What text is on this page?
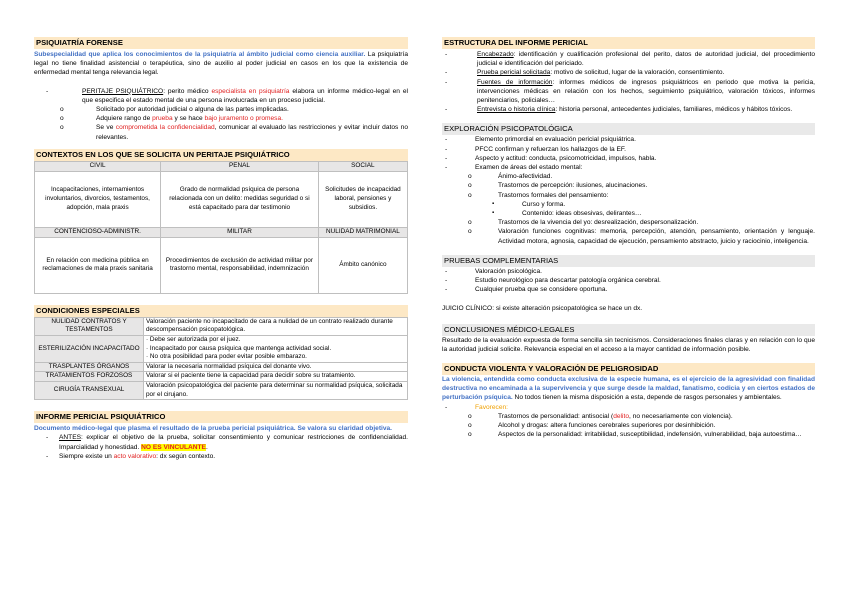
PSIQUIATRÍA FORENSE
Subespecialidad que aplica los conocimientos de la psiquiatría al ámbito judicial como ciencia auxiliar. La psiquiatría legal no tiene finalidad asistencial o terapéutica, sino de auxilio al poder judicial en casos en los que la existencia de enfermedad mental tenga relevancia legal.
- PERITAJE PSIQUIÁTRICO: perito médico especialista en psiquiatría elabora un informe médico-legal en el que especifica el estado mental de una persona involucrada en un proceso judicial.
o Solicitado por autoridad judicial o alguna de las partes implicadas.
o Adquiere rango de prueba y se hace bajo juramento o promesa.
o Se ve comprometida la confidencialidad, comunicar al evaluado las restricciones y evitar incluir datos no relevantes.
CONTEXTOS EN LOS QUE SE SOLICITA UN PERITAJE PSIQUIÁTRICO
CIVIL	PENAL	SOCIAL
Incapacitaciones, internamientos involuntarios, divorcios, testamentos, adopción, mala praxis	Grado de normalidad psíquica de persona relacionada con un delito: medidas seguridad o si está capacitado para dar testimonio	Solicitudes de incapacidad laboral, pensiones y subsidios.
CONTENCIOSO-ADMINISTR.	MILITAR	NULIDAD MATRIMONIAL
En relación con medicina pública en reclamaciones de mala praxis sanitaria	Procedimientos de exclusión de actividad militar por trastorno mental, responsabilidad, indemnización	Ámbito canónico
CONDICIONES ESPECIALES
NULIDAD CONTRATOS Y TESTAMENTOS	Valoración paciente no incapacitado de cara a nulidad de un contrato realizado durante descompensación psicopatológica.
ESTERILIZACIÓN INCAPACITADO	· Debe ser autorizada por el juez.
· Incapacitado por causa psíquica que mantenga actividad social.
· No otra posibilidad para poder evitar posible embarazo.

TRASPLANTES ÓRGANOS	Valorar la necesaria normalidad psíquica del donante vivo.
TRATAMIENTOS FORZOSOS	Valorar si el paciente tiene la capacidad para decidir sobre su tratamiento.
CIRUGÍA TRANSEXUAL	Valoración psicopatológica del paciente para determinar su normalidad psíquica, solicitada por el cirujano.
INFORME PERICIAL PSIQUIÁTRICO
Documento médico-legal que plasma el resultado de la prueba pericial psiquiátrica. Se valora su claridad objetiva.
- ANTES: explicar el objetivo de la prueba, solicitar consentimiento y comunicar restricciones de confidencialidad. Imparcialidad y honestidad. NO ES VINCULANTE.
- Siempre existe un acto valorativo: dx según contexto.
ESTRUCTURA DEL INFORME PERICIAL
- Encabezado: identificación y cualificación profesional del perito, datos de autoridad judicial, del procedimiento judicial e identificación del periciado.
- Prueba pericial solicitada: motivo de solicitud, lugar de la valoración, consentimiento.
- Fuentes de información: informes médicos de ingresos psiquiátricos en periodo que motiva la pericia, intervenciones médicas en relación con los hechos, seguimiento psiquiátrico, valoración tóxicos, informes penitenciarios, policiales…
- Entrevista o historia clínica: historia personal, antecedentes judiciales, familiares, médicos y hábitos tóxicos.
EXPLORACIÓN PSICOPATOLÓGICA
- Elemento primordial en evaluación pericial psiquiátrica.
- PFCC confirman y refuerzan los hallazgos de la EF.
- Aspecto y actitud: conducta, psicomotricidad, impulsos, habla.
- Examen de áreas del estado mental:
o Ánimo-afectividad.
o Trastornos de percepción: ilusiones, alucinaciones.
o Trastornos formales del pensamiento:
▪ Curso y forma.
▪ Contenido: ideas obsesivas, delirantes…
o Trastornos de la vivencia del yo: desrealización, despersonalización.
o Valoración funciones cognitivas: memoria, percepción, atención, pensamiento, orientación y lenguaje. Actividad motora, agnosia, capacidad de ejecución, pensamiento abstracto, juicio y raciocinio, inteligencia.
PRUEBAS COMPLEMENTARIAS
- Valoración psicológica.
- Estudio neurológico para descartar patología orgánica cerebral.
- Cualquier prueba que se considere oportuna.
JUICIO CLÍNICO: si existe alteración psicopatológica se hace un dx.
CONCLUSIONES MÉDICO-LEGALES
Resultado de la evaluación expuesta de forma sencilla sin tecnicismos. Consideraciones finales claras y en relación con lo que la autoridad judicial solicite. Relevancia especial en el acceso a la mayor cantidad de información posible.
CONDUCTA VIOLENTA Y VALORACIÓN DE PELIGROSIDAD
La violencia, entendida como conducta exclusiva de la especie humana, es el ejercicio de la agresividad con finalidad destructiva no encaminada a la supervivencia y que surge desde la maldad, fanatismo, codicia y en ciertos estados de perturbación psíquica. No todos tienen la misma disposición a esta, depende de rasgos personales y ambientales.
- Favorecen:
o Trastornos de personalidad: antisocial (delito, no necesariamente con violencia).
o Alcohol y drogas: altera funciones cerebrales superiores por desinhibición.
o Aspectos de la personalidad: irritabilidad, susceptibilidad, indefensión, vulnerabilidad, baja autoestima…
